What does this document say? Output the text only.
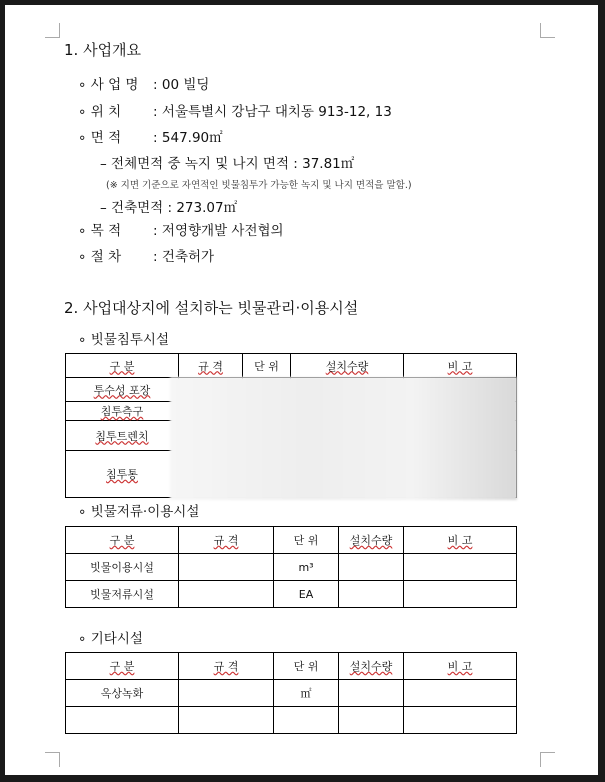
1. 사업개요
∘ 사 업 명 : 00 빌딩
∘ 위 치 : 서울특별시 강남구 대치동 913-12, 13
∘ 면 적 : 547.90㎡
– 전체면적 중 녹지 및 나지 면적 : 37.81㎡
(※ 지면 기준으로 자연적인 빗물침투가 가능한 녹지 및 나지 면적을 말함.)
– 건축면적 : 273.07㎡
∘ 목 적 : 저영향개발 사전협의
∘ 절 차 : 건축허가
2. 사업대상지에 설치하는 빗물관리·이용시설
∘ 빗물침투시설
구 분	규 격	단 위	설치수량	비 고
투수성 포장				
침투측구				
침투트렌치				
침투통				
∘ 빗물저류·이용시설
구 분	규 격	단 위	설치수량	비 고
빗물이용시설		m³		
빗물저류시설		EA		
∘ 기타시설
구 분	규 격	단 위	설치수량	비 고
옥상녹화		㎡		
